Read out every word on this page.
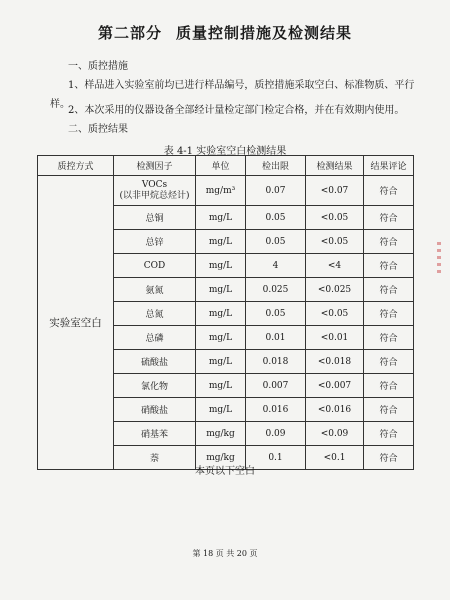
第二部分 质量控制措施及检测结果
一、质控措施
1、样品进入实验室前均已进行样品编号，质控措施采取空白、标准物质、平行
样。
2、本次采用的仪器设备全部经计量检定部门检定合格，并在有效期内使用。
二、质控结果
表 4-1 实验室空白检测结果
质控方式	检测因子	单位	检出限	检测结果	结果评论
实验室空白	VOCs
(以非甲烷总烃计)	mg/m³	0.07	<0.07	符合
	总铜	mg/L	0.05	<0.05	符合
	总锌	mg/L	0.05	<0.05	符合
	COD	mg/L	4	<4	符合
	氨氮	mg/L	0.025	<0.025	符合
	总氮	mg/L	0.05	<0.05	符合
	总磷	mg/L	0.01	<0.01	符合
	硫酸盐	mg/L	0.018	<0.018	符合
	氯化物	mg/L	0.007	<0.007	符合
	硝酸盐	mg/L	0.016	<0.016	符合
	硝基苯	mg/kg	0.09	<0.09	符合
	萘	mg/kg	0.1	<0.1	符合
本页以下空白
第 18 页 共 20 页
